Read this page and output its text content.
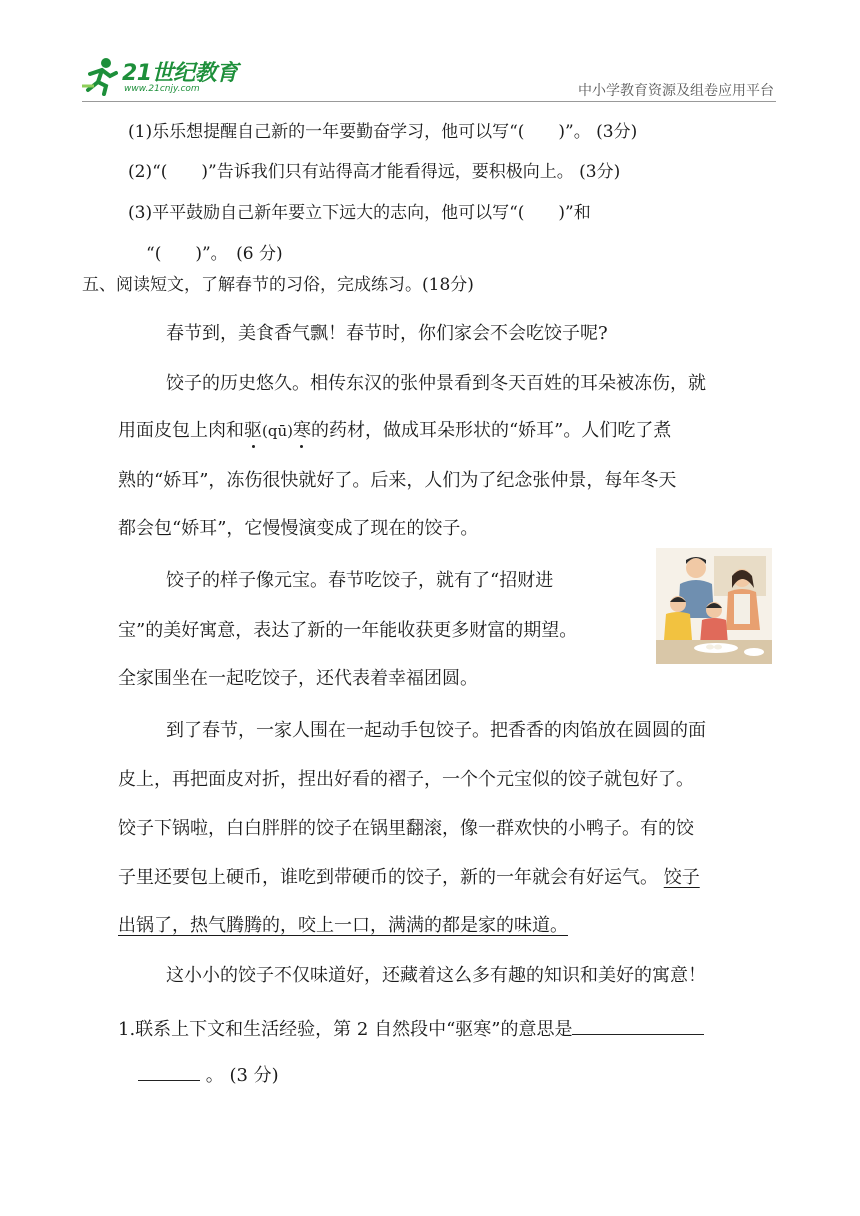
21世纪教育
www.21cnjy.com	中小学教育资源及组卷应用平台
(1)乐乐想提醒自己新的一年要勤奋学习，他可以写“(　　)”。 (3分)
(2)“(　　)”告诉我们只有站得高才能看得远，要积极向上。 (3分)
(3)平平鼓励自己新年要立下远大的志向，他可以写“(　　)”和
“(　　)”。　(6 分)
五、阅读短文，了解春节的习俗，完成练习。(18分)
春节到，美食香气飘！春节时，你们家会不会吃饺子呢?
饺子的历史悠久。相传东汉的张仲景看到冬天百姓的耳朵被冻伤，就
用面皮包上肉和驱(qū)寒的药材，做成耳朵形状的“娇耳”。人们吃了煮
熟的“娇耳”，冻伤很快就好了。后来，人们为了纪念张仲景，每年冬天
都会包“娇耳”，它慢慢演变成了现在的饺子。
饺子的样子像元宝。春节吃饺子，就有了“招财进
宝”的美好寓意，表达了新的一年能收获更多财富的期望。
全家围坐在一起吃饺子，还代表着幸福团圆。
到了春节，一家人围在一起动手包饺子。把香香的肉馅放在圆圆的面
皮上，再把面皮对折，捏出好看的褶子，一个个元宝似的饺子就包好了。
饺子下锅啦，白白胖胖的饺子在锅里翻滚，像一群欢快的小鸭子。有的饺
子里还要包上硬币，谁吃到带硬币的饺子，新的一年就会有好运气。 饺子
出锅了，热气腾腾的，咬上一口，满满的都是家的味道。
这小小的饺子不仅味道好，还藏着这么多有趣的知识和美好的寓意！
1.联系上下文和生活经验，第 2 自然段中“驱寒”的意思是
。 (3 分)
